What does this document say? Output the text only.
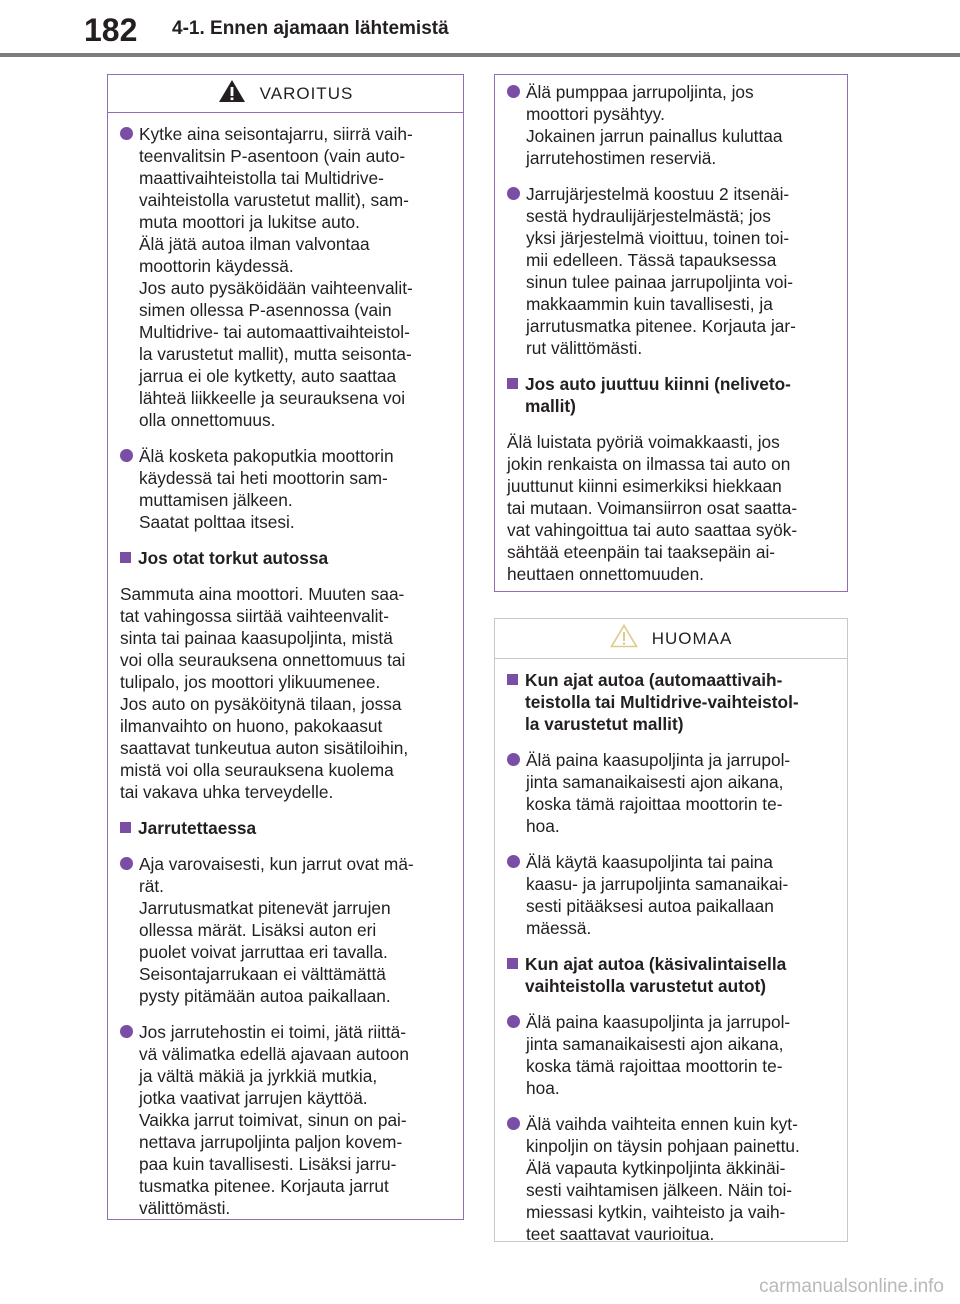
182 4-1. Ennen ajamaan lähtemistä
VAROITUS
Kytke aina seisontajarru, siirrä vaih-
teenvalitsin P-asentoon (vain auto-
maattivaihteistolla tai Multidrive-
vaihteistolla varustetut mallit), sam-
muta moottori ja lukitse auto.
Älä jätä autoa ilman valvontaa
moottorin käydessä.
Jos auto pysäköidään vaihteenvalit-
simen ollessa P-asennossa (vain
Multidrive- tai automaattivaihteistol-
la varustetut mallit), mutta seisonta-
jarrua ei ole kytketty, auto saattaa
lähteä liikkeelle ja seurauksena voi
olla onnettomuus.
Älä kosketa pakoputkia moottorin
käydessä tai heti moottorin sam-
muttamisen jälkeen.
Saatat polttaa itsesi.
Jos otat torkut autossa
Sammuta aina moottori. Muuten saa-
tat vahingossa siirtää vaihteenvalit-
sinta tai painaa kaasupoljinta, mistä
voi olla seurauksena onnettomuus tai
tulipalo, jos moottori ylikuumenee.
Jos auto on pysäköitynä tilaan, jossa
ilmanvaihto on huono, pakokaasut
saattavat tunkeutua auton sisätiloihin,
mistä voi olla seurauksena kuolema
tai vakava uhka terveydelle.
Jarrutettaessa
Aja varovaisesti, kun jarrut ovat mä-
rät.
Jarrutusmatkat pitenevät jarrujen
ollessa märät. Lisäksi auton eri
puolet voivat jarruttaa eri tavalla.
Seisontajarrukaan ei välttämättä
pysty pitämään autoa paikallaan.
Jos jarrutehostin ei toimi, jätä riittä-
vä välimatka edellä ajavaan autoon
ja vältä mäkiä ja jyrkkiä mutkia,
jotka vaativat jarrujen käyttöä.
Vaikka jarrut toimivat, sinun on pai-
nettava jarrupoljinta paljon kovem-
paa kuin tavallisesti. Lisäksi jarru-
tusmatka pitenee. Korjauta jarrut
välittömästi.
Älä pumppaa jarrupoljinta, jos
moottori pysähtyy.
Jokainen jarrun painallus kuluttaa
jarrutehostimen reserviä.
Jarrujärjestelmä koostuu 2 itsenäi-
sestä hydraulijärjestelmästä; jos
yksi järjestelmä vioittuu, toinen toi-
mii edelleen. Tässä tapauksessa
sinun tulee painaa jarrupoljinta voi-
makkaammin kuin tavallisesti, ja
jarrutusmatka pitenee. Korjauta jar-
rut välittömästi.
Jos auto juuttuu kiinni (neliveto-
mallit)
Älä luistata pyöriä voimakkaasti, jos
jokin renkaista on ilmassa tai auto on
juuttunut kiinni esimerkiksi hiekkaan
tai mutaan. Voimansiirron osat saatta-
vat vahingoittua tai auto saattaa syök-
sähtää eteenpäin tai taaksepäin ai-
heuttaen onnettomuuden.
HUOMAA
Kun ajat autoa (automaattivaih-
teistolla tai Multidrive-vaihteistol-
la varustetut mallit)
Älä paina kaasupoljinta ja jarrupol-
jinta samanaikaisesti ajon aikana,
koska tämä rajoittaa moottorin te-
hoa.
Älä käytä kaasupoljinta tai paina
kaasu- ja jarrupoljinta samanaikai-
sesti pitääksesi autoa paikallaan
mäessä.
Kun ajat autoa (käsivalintaisella
vaihteistolla varustetut autot)
Älä paina kaasupoljinta ja jarrupol-
jinta samanaikaisesti ajon aikana,
koska tämä rajoittaa moottorin te-
hoa.
Älä vaihda vaihteita ennen kuin kyt-
kinpoljin on täysin pohjaan painettu.
Älä vapauta kytkinpoljinta äkkinäi-
sesti vaihtamisen jälkeen. Näin toi-
miessasi kytkin, vaihteisto ja vaih-
teet saattavat vaurioitua.
carmanualsonline.info
